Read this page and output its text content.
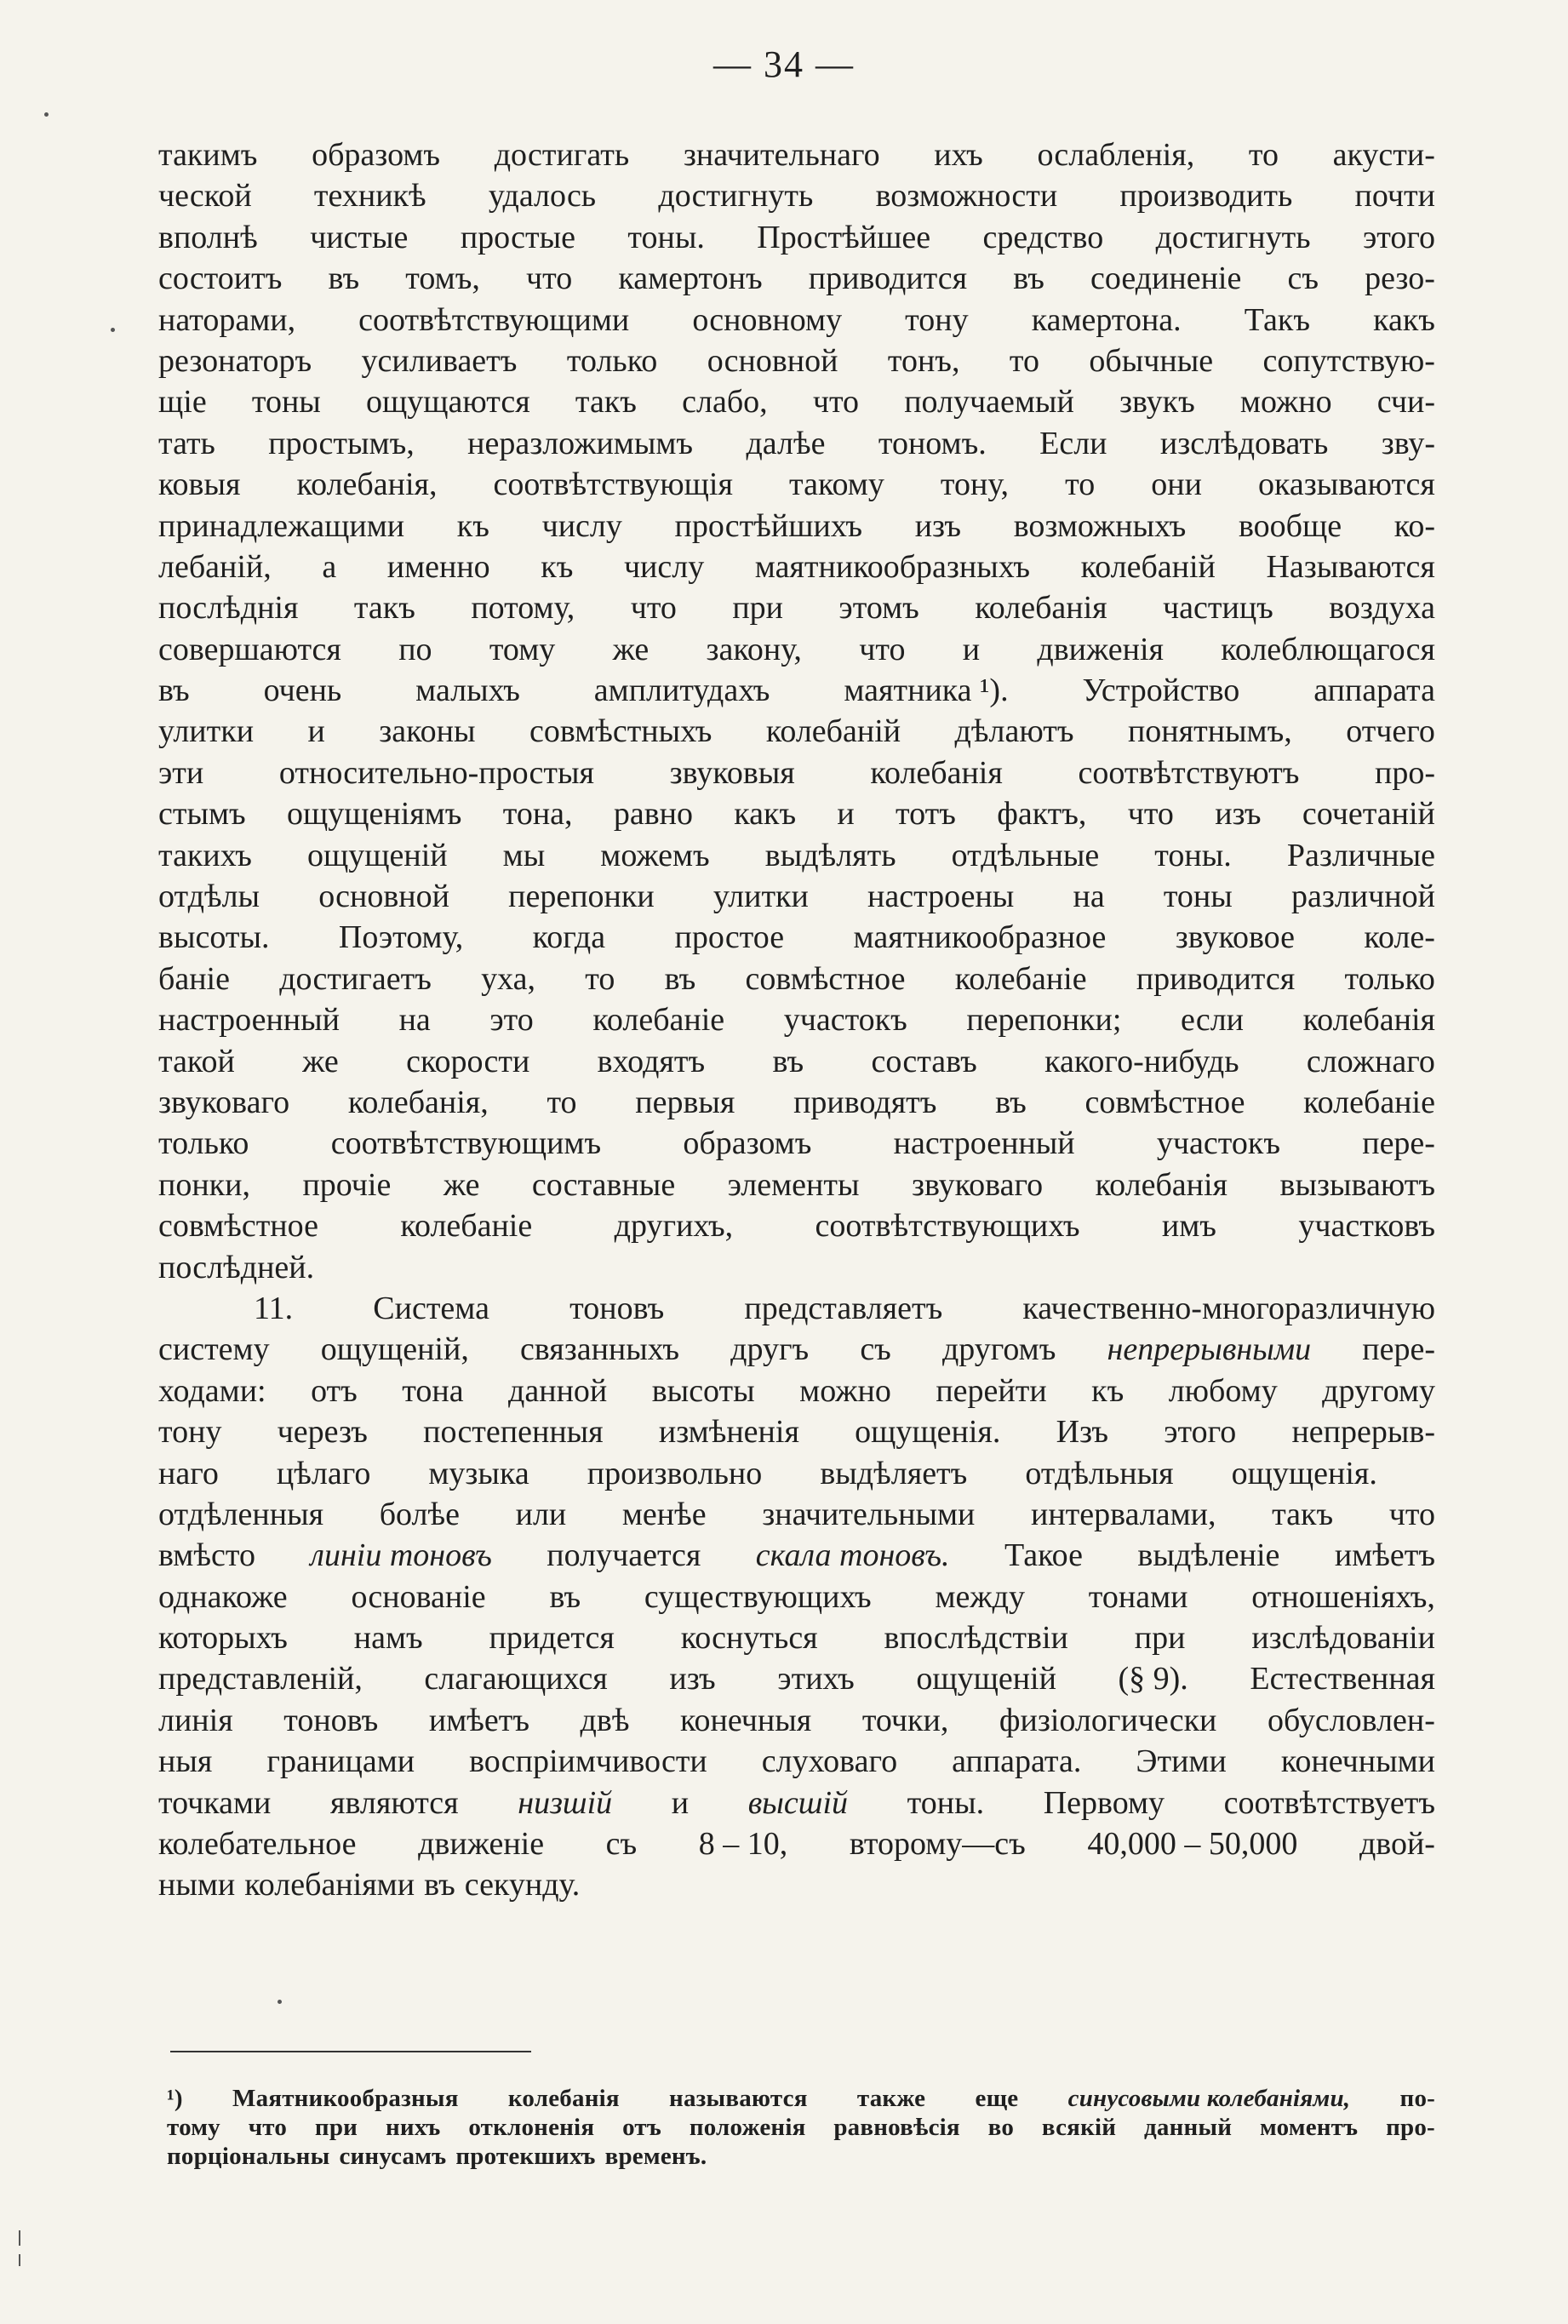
— 34 —
такимъ образомъ достигать значительнаго ихъ ослабленія, то акусти-
ческой техникѣ удалось достигнуть возможности производить почти
вполнѣ чистые простые тоны. Простѣйшее средство достигнуть этого
состоитъ въ томъ, что камертонъ приводится въ соединеніе съ резо-
наторами, соотвѣтствующими основному тону камертона. Такъ какъ
резонаторъ усиливаетъ только основной тонъ, то обычные сопутствую-
щіе тоны ощущаются такъ слабо, что получаемый звукъ можно счи-
тать простымъ, неразложимымъ далѣе тономъ. Если изслѣдовать зву-
ковыя колебанія, соотвѣтствующія такому тону, то они оказываются
принадлежащими къ числу простѣйшихъ изъ возможныхъ вообще ко-
лебаній, а именно къ числу маятникообразныхъ колебаній Называются
послѣднія такъ потому, что при этомъ колебанія частицъ воздуха
совершаются по тому же закону, что и движенія колеблющагося
въ очень малыхъ амплитудахъ маятника ¹). Устройство аппарата
улитки и законы совмѣстныхъ колебаній дѣлаютъ понятнымъ, отчего
эти относительно-простыя звуковыя колебанія соотвѣтствуютъ про-
стымъ ощущеніямъ тона, равно какъ и тотъ фактъ, что изъ сочетаній
такихъ ощущеній мы можемъ выдѣлять отдѣльные тоны. Различные
отдѣлы основной перепонки улитки настроены на тоны различной
высоты. Поэтому, когда простое маятникообразное звуковое коле-
баніе достигаетъ уха, то въ совмѣстное колебаніе приводится только
настроенный на это колебаніе участокъ перепонки; если колебанія
такой же скорости входятъ въ составъ какого-нибудь сложнаго
звуковаго колебанія, то первыя приводятъ въ совмѣстное колебаніе
только	соотвѣтствующимъ	образомъ	настроенный	участокъ	пере-
понки, прочіе же составные элементы звуковаго колебанія вызываютъ
совмѣстное	колебаніе	другихъ,	соотвѣтствующихъ	имъ	участковъ
послѣдней.
11. Система тоновъ представляетъ качественно-многоразличную
систему ощущеній, связанныхъ другъ съ другомъ непрерывными пере-
ходами: отъ тона данной высоты можно перейти къ любому другому
тону черезъ постепенныя измѣненія ощущенія. Изъ этого непрерыв-
наго цѣлаго музыка произвольно выдѣляетъ отдѣльныя ощущенія.
отдѣленныя болѣе или менѣе значительными интервалами, такъ что
вмѣсто линіи тоновъ получается скала тоновъ. Такое выдѣленіе имѣетъ
однакоже основаніе въ существующихъ между тонами отношеніяхъ,
которыхъ намъ придется коснуться впослѣдствіи при изслѣдованіи
представленій, слагающихся изъ этихъ ощущеній (§ 9). Естественная
линія тоновъ имѣетъ двѣ конечныя точки, физіологически обусловлен-
ныя границами воспріимчивости слуховаго аппарата. Этими конечными
точками являются низшій и высшій тоны. Первому соотвѣтствуетъ
колебательное движеніе съ 8 – 10, второму—съ 40,000 – 50,000 двой-
ными колебаніями въ секунду.
¹) Маятникообразныя колебанія называются также еще синусовыми колебаніями, по-
тому что при нихъ отклоненія отъ положенія равновѣсія во всякій данный моментъ про-
порціональны синусамъ протекшихъ временъ.
